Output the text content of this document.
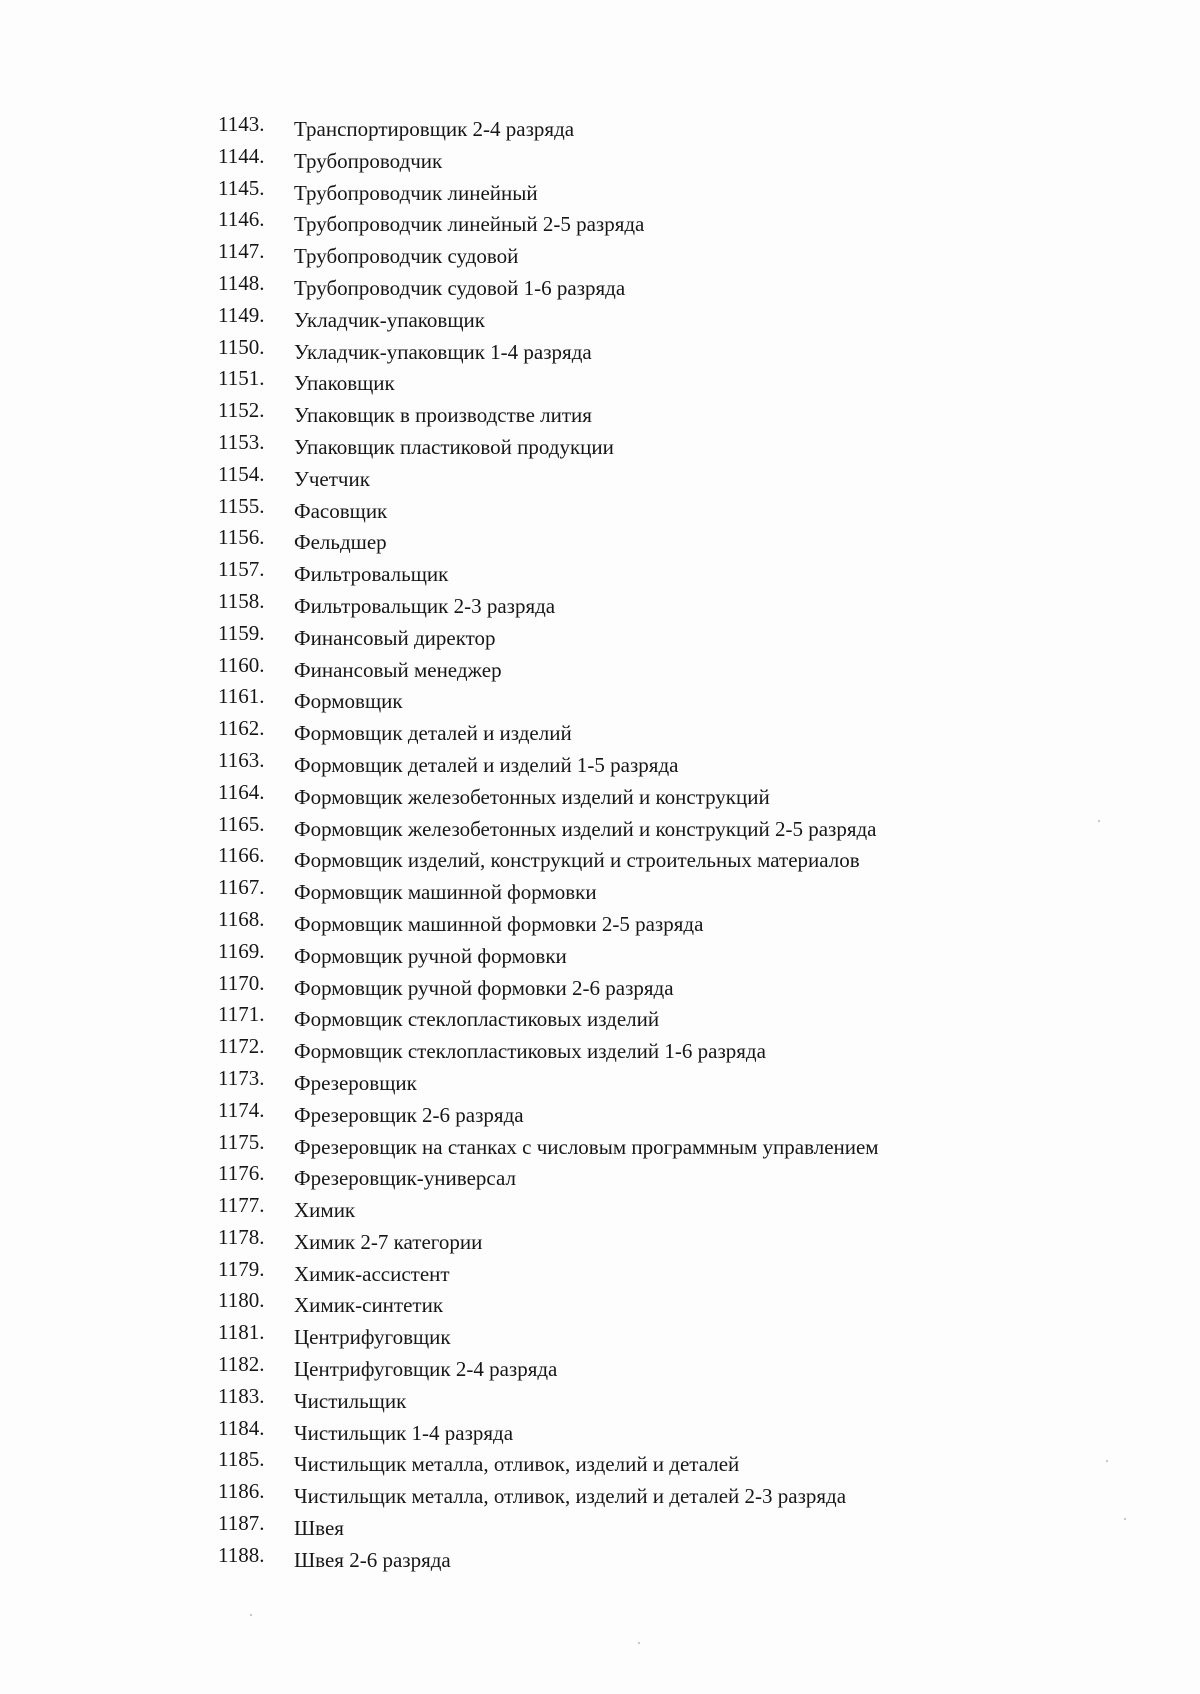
1143.	Транспортировщик 2-4 разряда
1144.	Трубопроводчик
1145.	Трубопроводчик линейный
1146.	Трубопроводчик линейный 2-5 разряда
1147.	Трубопроводчик судовой
1148.	Трубопроводчик судовой 1-6 разряда
1149.	Укладчик-упаковщик
1150.	Укладчик-упаковщик 1-4 разряда
1151.	Упаковщик
1152.	Упаковщик в производстве лития
1153.	Упаковщик пластиковой продукции
1154.	Учетчик
1155.	Фасовщик
1156.	Фельдшер
1157.	Фильтровальщик
1158.	Фильтровальщик 2-3 разряда
1159.	Финансовый директор
1160.	Финансовый менеджер
1161.	Формовщик
1162.	Формовщик деталей и изделий
1163.	Формовщик деталей и изделий 1-5 разряда
1164.	Формовщик железобетонных изделий и конструкций
1165.	Формовщик железобетонных изделий и конструкций 2-5 разряда
1166.	Формовщик изделий, конструкций и строительных материалов
1167.	Формовщик машинной формовки
1168.	Формовщик машинной формовки 2-5 разряда
1169.	Формовщик ручной формовки
1170.	Формовщик ручной формовки 2-6 разряда
1171.	Формовщик стеклопластиковых изделий
1172.	Формовщик стеклопластиковых изделий 1-6 разряда
1173.	Фрезеровщик
1174.	Фрезеровщик 2-6 разряда
1175.	Фрезеровщик на станках с числовым программным управлением
1176.	Фрезеровщик-универсал
1177.	Химик
1178.	Химик 2-7 категории
1179.	Химик-ассистент
1180.	Химик-синтетик
1181.	Центрифуговщик
1182.	Центрифуговщик 2-4 разряда
1183.	Чистильщик
1184.	Чистильщик 1-4 разряда
1185.	Чистильщик металла, отливок, изделий и деталей
1186.	Чистильщик металла, отливок, изделий и деталей 2-3 разряда
1187.	Швея
1188.	Швея 2-6 разряда
